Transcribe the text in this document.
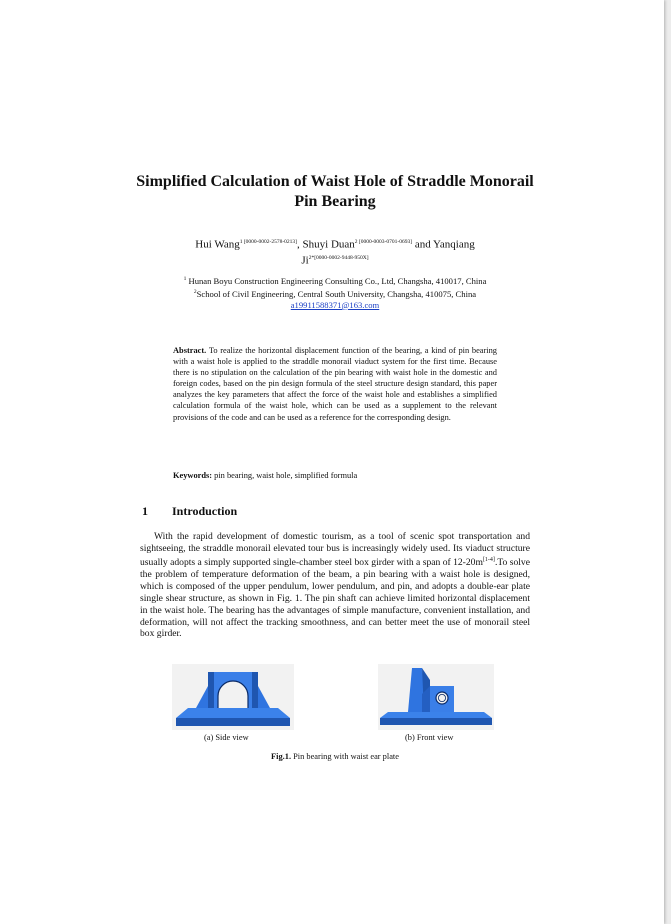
Simplified Calculation of Waist Hole of Straddle Monorail
Pin Bearing
Hui Wang$^{1 [0000-0002-2578-0213]}$, Shuyi Duan$^{2 [0000-0003-0701-0693]}$ and Yanqiang
$Ji^{2*[0000-0002-9448-950X]}$
$^1$ Hunan Boyu Construction Engineering Consulting Co., Ltd, Changsha, 410017, China
$^2$School of Civil Engineering, Central South University, Changsha, 410075, China
a19911588371@163.com
Abstract. To realize the horizontal displacement function of the bearing, a kind of pin bearing with a waist hole is applied to the straddle monorail viaduct system for the first time. Because there is no stipulation on the calculation of the pin bearing with waist hole in the domestic and foreign codes, based on the pin design formula of the steel structure design standard, this paper analyzes the key parameters that affect the force of the waist hole and establishes a simplified calculation formula of the waist hole, which can be used as a supplement to the relevant provisions of the code and can be used as a reference for the corresponding design.
Keywords: pin bearing, waist hole, simplified formula
1 Introduction
With the rapid development of domestic tourism, as a tool of scenic spot transportation and sightseeing, the straddle monorail elevated tour bus is increasingly widely used. Its viaduct structure usually adopts a simply supported single-chamber steel box girder with a span of 12-20m[1-4].To solve the problem of temperature deformation of the beam, a pin bearing with a waist hole is designed, which is composed of the upper pendulum, lower pendulum, and pin, and adopts a double-ear plate single shear structure, as shown in Fig. 1. The pin shaft can achieve limited horizontal displacement in the waist hole. The bearing has the advantages of simple manufacture, convenient installation, and deformation, will not affect the tracking smoothness, and can better meet the use of monorail steel box girder.
(a) Side view	(b) Front view
Fig.1. Pin bearing with waist ear plate
